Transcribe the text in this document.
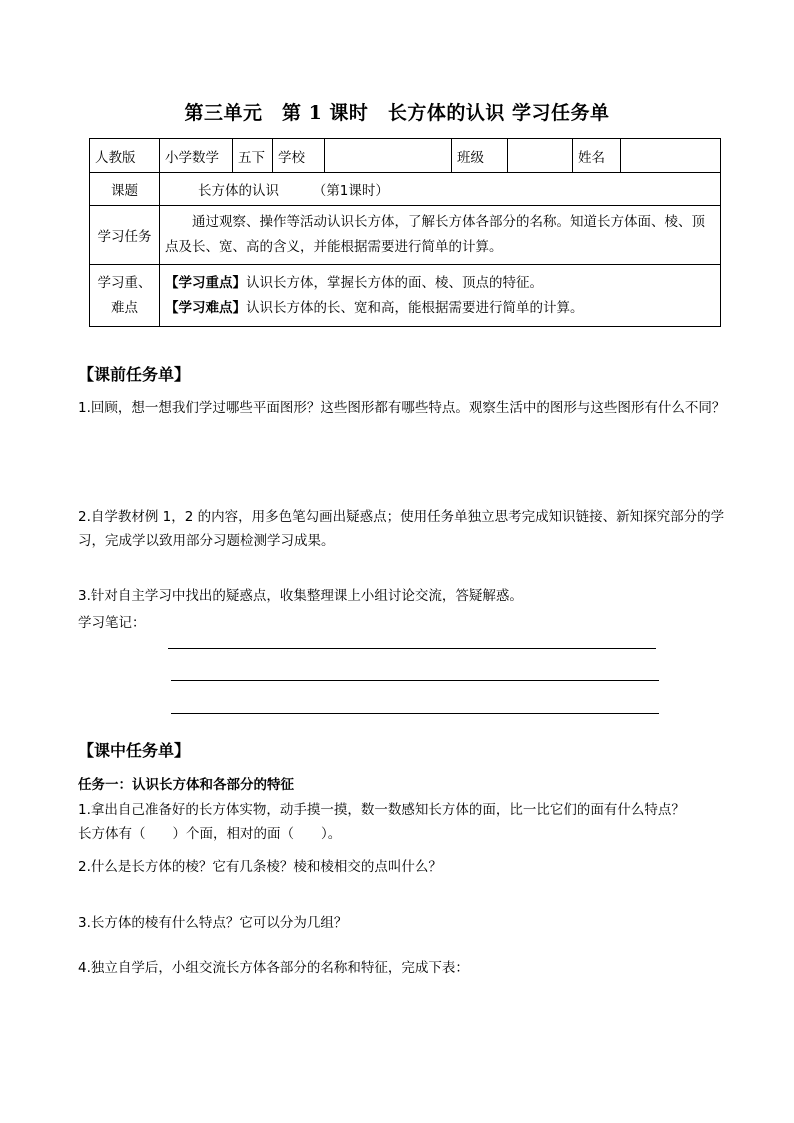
第三单元　第 1 课时　长方体的认识 学习任务单
人教版	小学数学	五下	学校		班级		姓名	
课题	长方体的认识　　　（第1课时）							
学习任务	　　通过观察、操作等活动认识长方体，了解长方体各部分的名称。知道长方体面、棱、顶点及长、宽、高的含义，并能根据需要进行简单的计算。							
学习重、难点	【学习重点】认识长方体，掌握长方体的面、棱、顶点的特征。
【学习难点】认识长方体的长、宽和高，能根据需要进行简单的计算。							
【课前任务单】
1.回顾，想一想我们学过哪些平面图形？这些图形都有哪些特点。观察生活中的图形与这些图形有什么不同？
2.自学教材例 1，2 的内容，用多色笔勾画出疑惑点；使用任务单独立思考完成知识链接、新知探究部分的学习，完成学以致用部分习题检测学习成果。
3.针对自主学习中找出的疑惑点，收集整理课上小组讨论交流，答疑解惑。
学习笔记：
【课中任务单】
任务一：认识长方体和各部分的特征
1.拿出自己准备好的长方体实物，动手摸一摸，数一数感知长方体的面，比一比它们的面有什么特点？
长方体有（　　）个面，相对的面（　　）。
2.什么是长方体的棱？它有几条棱？棱和棱相交的点叫什么？
3.长方体的棱有什么特点？它可以分为几组？
4.独立自学后，小组交流长方体各部分的名称和特征，完成下表：
